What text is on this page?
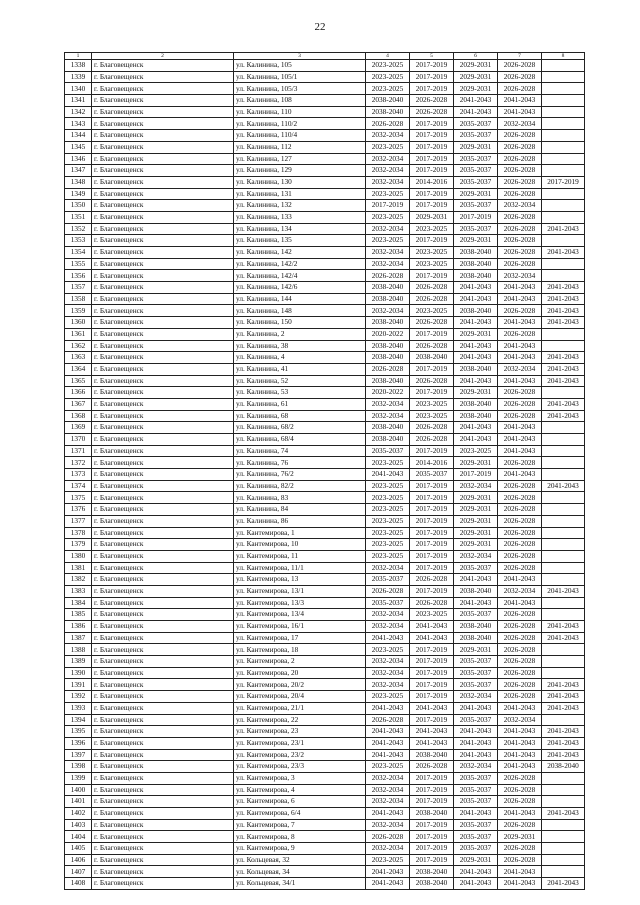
22
1	2	3	4	5	6	7	8
1338	г. Благовещенск	ул. Калинина, 105	2023-2025	2017-2019	2029-2031	2026-2028	
1339	г. Благовещенск	ул. Калинина, 105/1	2023-2025	2017-2019	2029-2031	2026-2028	
1340	г. Благовещенск	ул. Калинина, 105/3	2023-2025	2017-2019	2029-2031	2026-2028	
1341	г. Благовещенск	ул. Калинина, 108	2038-2040	2026-2028	2041-2043	2041-2043	
1342	г. Благовещенск	ул. Калинина, 110	2038-2040	2026-2028	2041-2043	2041-2043	
1343	г. Благовещенск	ул. Калинина, 110/2	2026-2028	2017-2019	2035-2037	2032-2034	
1344	г. Благовещенск	ул. Калинина, 110/4	2032-2034	2017-2019	2035-2037	2026-2028	
1345	г. Благовещенск	ул. Калинина, 112	2023-2025	2017-2019	2029-2031	2026-2028	
1346	г. Благовещенск	ул. Калинина, 127	2032-2034	2017-2019	2035-2037	2026-2028	
1347	г. Благовещенск	ул. Калинина, 129	2032-2034	2017-2019	2035-2037	2026-2028	
1348	г. Благовещенск	ул. Калинина, 130	2032-2034	2014-2016	2035-2037	2026-2028	2017-2019
1349	г. Благовещенск	ул. Калинина, 131	2023-2025	2017-2019	2029-2031	2026-2028	
1350	г. Благовещенск	ул. Калинина, 132	2017-2019	2017-2019	2035-2037	2032-2034	
1351	г. Благовещенск	ул. Калинина, 133	2023-2025	2029-2031	2017-2019	2026-2028	
1352	г. Благовещенск	ул. Калинина, 134	2032-2034	2023-2025	2035-2037	2026-2028	2041-2043
1353	г. Благовещенск	ул. Калинина, 135	2023-2025	2017-2019	2029-2031	2026-2028	
1354	г. Благовещенск	ул. Калинина, 142	2032-2034	2023-2025	2038-2040	2026-2028	2041-2043
1355	г. Благовещенск	ул. Калинина, 142/2	2032-2034	2023-2025	2038-2040	2026-2028	
1356	г. Благовещенск	ул. Калинина, 142/4	2026-2028	2017-2019	2038-2040	2032-2034	
1357	г. Благовещенск	ул. Калинина, 142/6	2038-2040	2026-2028	2041-2043	2041-2043	2041-2043
1358	г. Благовещенск	ул. Калинина, 144	2038-2040	2026-2028	2041-2043	2041-2043	2041-2043
1359	г. Благовещенск	ул. Калинина, 148	2032-2034	2023-2025	2038-2040	2026-2028	2041-2043
1360	г. Благовещенск	ул. Калинина, 150	2038-2040	2026-2028	2041-2043	2041-2043	2041-2043
1361	г. Благовещенск	ул. Калинина, 2	2020-2022	2017-2019	2029-2031	2026-2028	
1362	г. Благовещенск	ул. Калинина, 38	2038-2040	2026-2028	2041-2043	2041-2043	
1363	г. Благовещенск	ул. Калинина, 4	2038-2040	2038-2040	2041-2043	2041-2043	2041-2043
1364	г. Благовещенск	ул. Калинина, 41	2026-2028	2017-2019	2038-2040	2032-2034	2041-2043
1365	г. Благовещенск	ул. Калинина, 52	2038-2040	2026-2028	2041-2043	2041-2043	2041-2043
1366	г. Благовещенск	ул. Калинина, 53	2020-2022	2017-2019	2029-2031	2026-2028	
1367	г. Благовещенск	ул. Калинина, 61	2032-2034	2023-2025	2038-2040	2026-2028	2041-2043
1368	г. Благовещенск	ул. Калинина, 68	2032-2034	2023-2025	2038-2040	2026-2028	2041-2043
1369	г. Благовещенск	ул. Калинина, 68/2	2038-2040	2026-2028	2041-2043	2041-2043	
1370	г. Благовещенск	ул. Калинина, 68/4	2038-2040	2026-2028	2041-2043	2041-2043	
1371	г. Благовещенск	ул. Калинина, 74	2035-2037	2017-2019	2023-2025	2041-2043	
1372	г. Благовещенск	ул. Калинина, 76	2023-2025	2014-2016	2029-2031	2026-2028	
1373	г. Благовещенск	ул. Калинина, 76/2	2041-2043	2035-2037	2017-2019	2041-2043	
1374	г. Благовещенск	ул. Калинина, 82/2	2023-2025	2017-2019	2032-2034	2026-2028	2041-2043
1375	г. Благовещенск	ул. Калинина, 83	2023-2025	2017-2019	2029-2031	2026-2028	
1376	г. Благовещенск	ул. Калинина, 84	2023-2025	2017-2019	2029-2031	2026-2028	
1377	г. Благовещенск	ул. Калинина, 86	2023-2025	2017-2019	2029-2031	2026-2028	
1378	г. Благовещенск	ул. Кантемирова, 1	2023-2025	2017-2019	2029-2031	2026-2028	
1379	г. Благовещенск	ул. Кантемирова, 10	2023-2025	2017-2019	2029-2031	2026-2028	
1380	г. Благовещенск	ул. Кантемирова, 11	2023-2025	2017-2019	2032-2034	2026-2028	
1381	г. Благовещенск	ул. Кантемирова, 11/1	2032-2034	2017-2019	2035-2037	2026-2028	
1382	г. Благовещенск	ул. Кантемирова, 13	2035-2037	2026-2028	2041-2043	2041-2043	
1383	г. Благовещенск	ул. Кантемирова, 13/1	2026-2028	2017-2019	2038-2040	2032-2034	2041-2043
1384	г. Благовещенск	ул. Кантемирова, 13/3	2035-2037	2026-2028	2041-2043	2041-2043	
1385	г. Благовещенск	ул. Кантемирова, 13/4	2032-2034	2023-2025	2035-2037	2026-2028	
1386	г. Благовещенск	ул. Кантемирова, 16/1	2032-2034	2041-2043	2038-2040	2026-2028	2041-2043
1387	г. Благовещенск	ул. Кантемирова, 17	2041-2043	2041-2043	2038-2040	2026-2028	2041-2043
1388	г. Благовещенск	ул. Кантемирова, 18	2023-2025	2017-2019	2029-2031	2026-2028	
1389	г. Благовещенск	ул. Кантемирова, 2	2032-2034	2017-2019	2035-2037	2026-2028	
1390	г. Благовещенск	ул. Кантемирова, 20	2032-2034	2017-2019	2035-2037	2026-2028	
1391	г. Благовещенск	ул. Кантемирова, 20/2	2032-2034	2017-2019	2035-2037	2026-2028	2041-2043
1392	г. Благовещенск	ул. Кантемирова, 20/4	2023-2025	2017-2019	2032-2034	2026-2028	2041-2043
1393	г. Благовещенск	ул. Кантемирова, 21/1	2041-2043	2041-2043	2041-2043	2041-2043	2041-2043
1394	г. Благовещенск	ул. Кантемирова, 22	2026-2028	2017-2019	2035-2037	2032-2034	
1395	г. Благовещенск	ул. Кантемирова, 23	2041-2043	2041-2043	2041-2043	2041-2043	2041-2043
1396	г. Благовещенск	ул. Кантемирова, 23/1	2041-2043	2041-2043	2041-2043	2041-2043	2041-2043
1397	г. Благовещенск	ул. Кантемирова, 23/2	2041-2043	2038-2040	2041-2043	2041-2043	2041-2043
1398	г. Благовещенск	ул. Кантемирова, 23/3	2023-2025	2026-2028	2032-2034	2041-2043	2038-2040
1399	г. Благовещенск	ул. Кантемирова, 3	2032-2034	2017-2019	2035-2037	2026-2028	
1400	г. Благовещенск	ул. Кантемирова, 4	2032-2034	2017-2019	2035-2037	2026-2028	
1401	г. Благовещенск	ул. Кантемирова, 6	2032-2034	2017-2019	2035-2037	2026-2028	
1402	г. Благовещенск	ул. Кантемирова, 6/4	2041-2043	2038-2040	2041-2043	2041-2043	2041-2043
1403	г. Благовещенск	ул. Кантемирова, 7	2032-2034	2017-2019	2035-2037	2026-2028	
1404	г. Благовещенск	ул. Кантемирова, 8	2026-2028	2017-2019	2035-2037	2029-2031	
1405	г. Благовещенск	ул. Кантемирова, 9	2032-2034	2017-2019	2035-2037	2026-2028	
1406	г. Благовещенск	ул. Кольцевая, 32	2023-2025	2017-2019	2029-2031	2026-2028	
1407	г. Благовещенск	ул. Кольцевая, 34	2041-2043	2038-2040	2041-2043	2041-2043	
1408	г. Благовещенск	ул. Кольцевая, 34/1	2041-2043	2038-2040	2041-2043	2041-2043	2041-2043
